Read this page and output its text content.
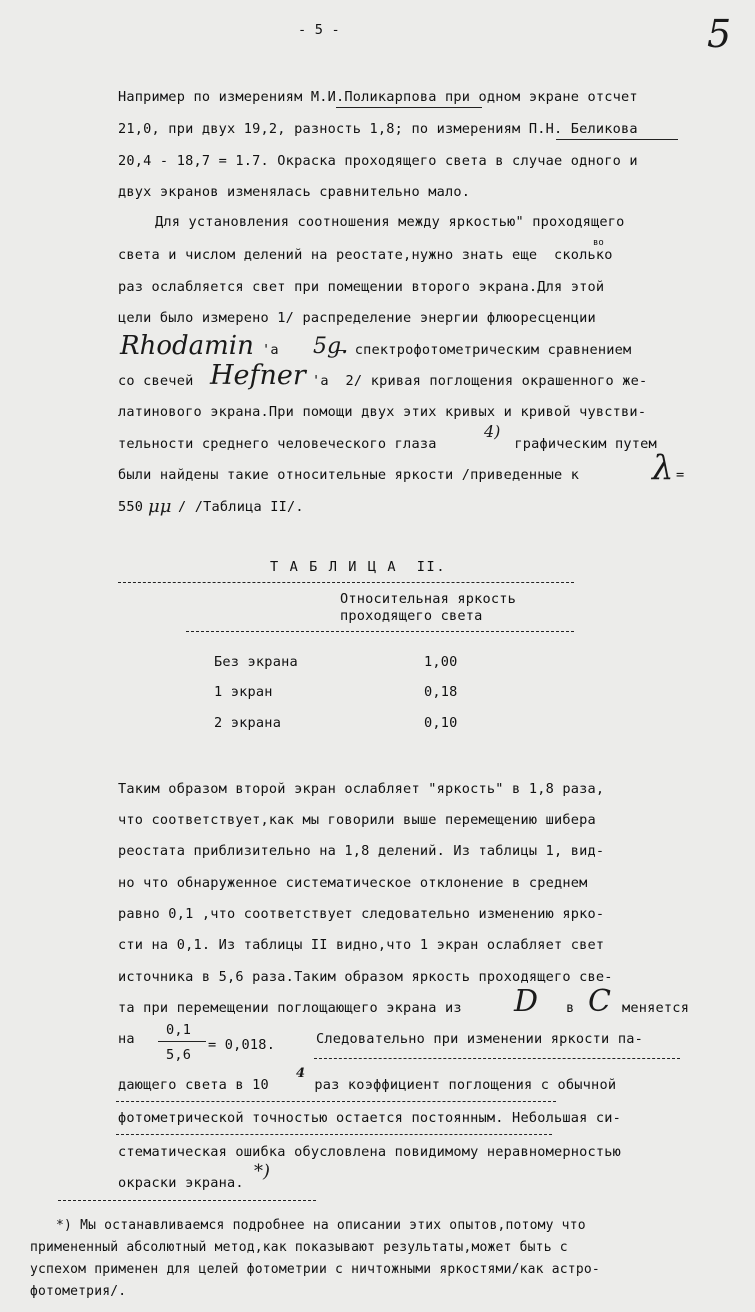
- 5 -	5
Например по измерениям М.И.Поликарпова при одном экране отсчет
21,0, при двух 19,2, разность 1,8; по измерениям П.Н. Беликова
20,4 - 18,7 = 1.7. Окраска проходящего света в случае одного и
двух экранов изменялась сравнительно мало.
Для установления соотношения между яркостью" проходящего
света и числом делений на реостате,нужно знать еще  сколько
во
раз ослабляется свет при помещении второго экрана.Для этой
цели было измерено 1/ распределение энергии флюоресценции
Rhodamin 'а 5g.
— спектрофотометрическим сравнением
со свечей Hefner 'а  2/ кривая поглощения окрашенного же-
латинового экрана.При помощи двух этих кривых и кривой чувстви-
тельности среднего человеческого глаза
4)
графическим путем
были найдены такие относительные яркости /приведенные к λ =
550 μμ / /Таблица II/.
Т А Б Л И Ц А  II.
Относительная яркость
проходящего света
Без экрана	1,00
1 экран	0,18
2 экрана	0,10
Таким образом второй экран ослабляет "яркость" в 1,8 раза,
что соответствует,как мы говорили выше перемещению шибера
реостата приблизительно на 1,8 делений. Из таблицы 1, вид-
но что обнаруженное систематическое отклонение в среднем
равно 0,1 ,что соответствует следовательно изменению ярко-
сти на 0,1. Из таблицы II видно,что 1 экран ослабляет свет
источника в 5,6 раза.Таким образом яркость проходящего све-
та при перемещении поглощающего экрана из D в C меняется
на
0,1
5,6
= 0,018.	Следовательно при изменении яркости па-
дающего света в 10
4
раз коэффициент поглощения с обычной
фотометрической точностью остается постоянным. Небольшая си-
стематическая ошибка обусловлена повидимому неравномерностью
окраски экрана.
*)
*) Мы останавливаемся подробнее на описании этих опытов,потому что
примененный абсолютный метод,как показывают результаты,может быть с
успехом применен для целей фотометрии с ничтожными яркостями/как астро-
фотометрия/.
